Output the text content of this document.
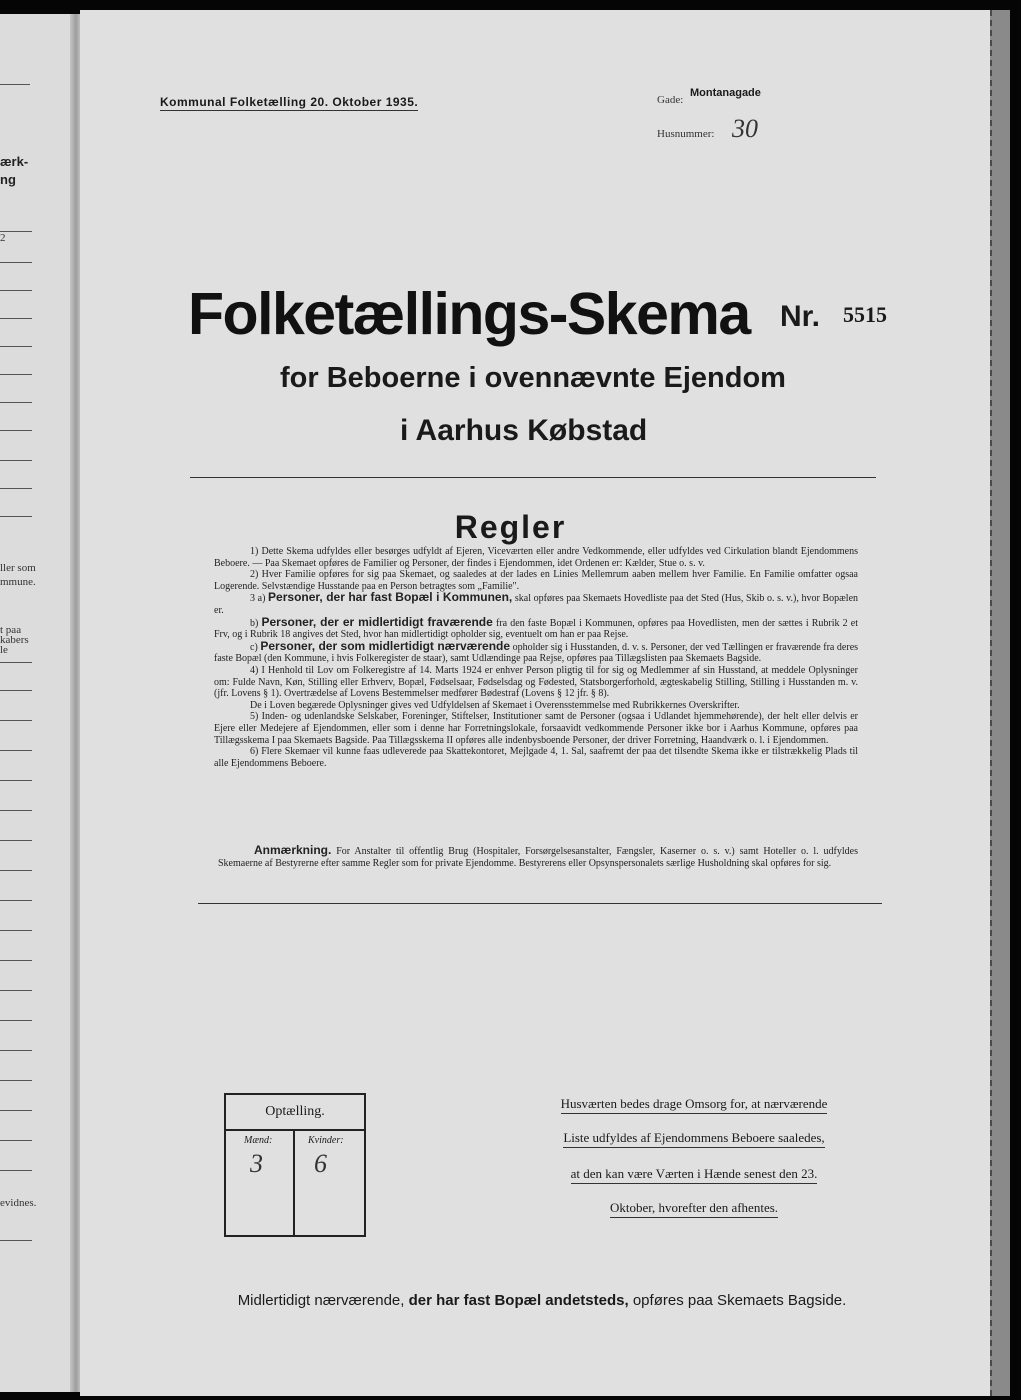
ærk-
ng
2
ller som
mmune.
t paa
kabers
le
evidnes.
Kommunal Folketælling 20. Oktober 1935.	Gade:
Montanagade
Husnummer: 30
Folketællings-Skema Nr. 5515
for Beboerne i ovennævnte Ejendom
i Aarhus Købstad
Regler

1) Dette Skema udfyldes eller besørges udfyldt af Ejeren, Viceværten eller andre Vedkommende, eller udfyldes ved Cirkulation blandt Ejendommens Beboere. — Paa Skemaet opføres de Familier og Personer, der findes i Ejendommen, idet Ordenen er: Kælder, Stue o. s. v.

2) Hver Familie opføres for sig paa Skemaet, og saaledes at der lades en Linies Mellemrum aaben mellem hver Familie. En Familie omfatter ogsaa Logerende. Selvstændige Husstande paa en Person betragtes som „Familie".

3 a) Personer, der har fast Bopæl i Kommunen, skal opføres paa Skemaets Hovedliste paa det Sted (Hus, Skib o. s. v.), hvor Bopælen er.

b) Personer, der er midlertidigt fraværende fra den faste Bopæl i Kommunen, opføres paa Hovedlisten, men der sættes i Rubrik 2 et Frv, og i Rubrik 18 angives det Sted, hvor han midlertidigt opholder sig, eventuelt om han er paa Rejse.

c) Personer, der som midlertidigt nærværende opholder sig i Husstanden, d. v. s. Personer, der ved Tællingen er fraværende fra deres faste Bopæl (den Kommune, i hvis Folkeregister de staar), samt Udlændinge paa Rejse, opføres paa Tillægslisten paa Skemaets Bagside.

4) I Henhold til Lov om Folkeregistre af 14. Marts 1924 er enhver Person pligtig til for sig og Medlemmer af sin Husstand, at meddele Oplysninger om: Fulde Navn, Køn, Stilling eller Erhverv, Bopæl, Fødselsaar, Fødselsdag og Fødested, Statsborgerforhold, ægteskabelig Stilling, Stilling i Husstanden m. v. (jfr. Lovens § 1). Overtrædelse af Lovens Bestemmelser medfører Bødestraf (Lovens § 12 jfr. § 8).

De i Loven begærede Oplysninger gives ved Udfyldelsen af Skemaet i Overensstemmelse med Rubrikkernes Overskrifter.

5) Inden- og udenlandske Selskaber, Foreninger, Stiftelser, Institutioner samt de Personer (ogsaa i Udlandet hjemmehørende), der helt eller delvis er Ejere eller Medejere af Ejendommen, eller som i denne har Forretningslokale, forsaavidt vedkommende Personer ikke bor i Aarhus Kommune, opføres paa Tillægsskema I paa Skemaets Bagside. Paa Tillægsskema II opføres alle indenbysboende Personer, der driver Forretning, Haandværk o. l. i Ejendommen.

6) Flere Skemaer vil kunne faas udleverede paa Skattekontoret, Mejlgade 4, 1. Sal, saafremt der paa det tilsendte Skema ikke er tilstrækkelig Plads til alle Ejendommens Beboere.

Anmærkning. For Anstalter til offentlig Brug (Hospitaler, Forsørgelsesanstalter, Fængsler, Kaserner o. s. v.) samt Hoteller o. l. udfyldes Skemaerne af Bestyrerne efter samme Regler som for private Ejendomme. Bestyrerens eller Opsynspersonalets særlige Husholdning skal opføres for sig.
Optælling.
Mænd:
3
Kvinder:
6
Husværten bedes drage Omsorg for, at nærværende
Liste udfyldes af Ejendommens Beboere saaledes,
at den kan være Værten i Hænde senest den 23.
Oktober, hvorefter den afhentes.
Midlertidigt nærværende, der har fast Bopæl andetsteds, opføres paa Skemaets Bagside.
